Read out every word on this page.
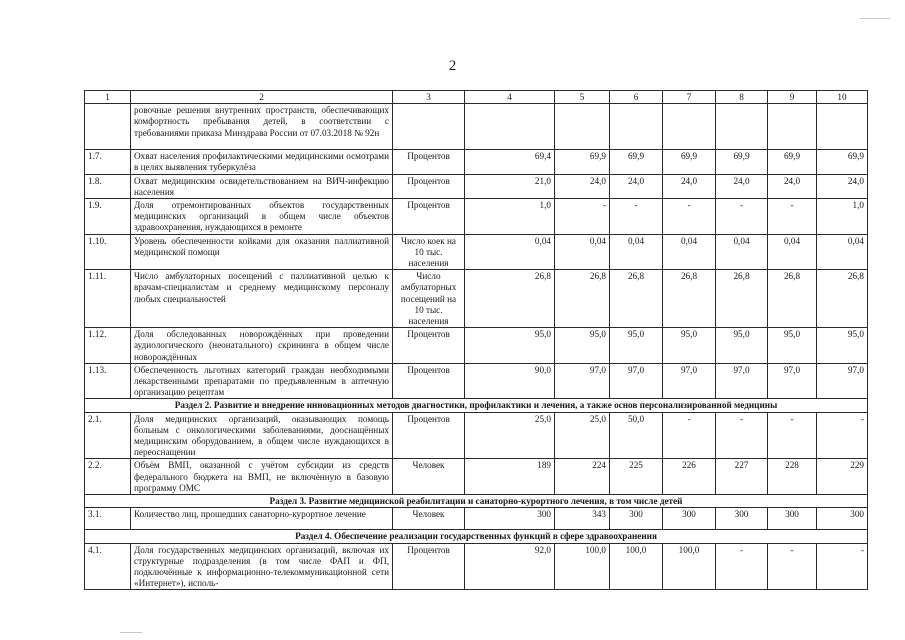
2
1	2	3	4	5	6	7	8	9	10
	ровочные решения внутренних пространств, обеспечивающих комфортность пребывания детей, в соответствии с требованиями приказа Минздрава России от 07.03.2018 № 92н								
1.7.	Охват населения профилактическими медицинскими осмотрами в целях выявления туберкулёза	Процентов	69,4	69,9	69,9	69,9	69,9	69,9	69,9
1.8.	Охват медицинским освидетельствованием на ВИЧ-инфекцию населения	Процентов	21,0	24,0	24,0	24,0	24,0	24,0	24,0
1.9.	Доля отремонтированных объектов государственных медицинских организаций в общем числе объектов здравоохранения, нуждающихся в ремонте	Процентов	1,0	-	-	-	-	-	1,0
1.10.	Уровень обеспеченности койками для оказания паллиативной медицинской помощи	Число коек на 10 тыс. населения	0,04	0,04	0,04	0,04	0,04	0,04	0,04
1.11.	Число амбулаторных посещений с паллиативной целью к врачам-специалистам и среднему медицинскому персоналу любых специальностей	Число амбулаторных посещений на 10 тыс. населения	26,8	26,8	26,8	26,8	26,8	26,8	26,8
1.12.	Доля обследованных новорождённых при проведении аудиологического (неонатального) скрининга в общем числе новорождённых	Процентов	95,0	95,0	95,0	95,0	95,0	95,0	95,0
1.13.	Обеспеченность льготных категорий граждан необходимыми лекарственными препаратами по предъявленным в аптечную организацию рецептам	Процентов	90,0	97,0	97,0	97,0	97,0	97,0	97,0
Раздел 2. Развитие и внедрение инновационных методов диагностики, профилактики и лечения, а также основ персонализированной медицины									
2.1.	Доля медицинских организаций, оказывающих помощь больным с онкологическими заболеваниями, дооснащённых медицинским оборудованием, в общем числе нуждающихся в переоснащении	Процентов	25,0	25,0	50,0	-	-	-	-
2.2.	Объём ВМП, оказанной с учётом субсидии из средств федерального бюджета на ВМП, не включённую в базовую программу ОМС	Человек	189	224	225	226	227	228	229
Раздел 3. Развитие медицинской реабилитации и санаторно-курортного лечения, в том числе детей									
3.1.	Количество лиц, прошедших санаторно-курортное лечение	Человек	300	343	300	300	300	300	300
Раздел 4. Обеспечение реализации государственных функций в сфере здравоохранения									
4.1.	Доля государственных медицинских организаций, включая их структурные подразделения (в том числе ФАП и ФП, подключённые к информационно-телекоммуникационной сети «Интернет»), исполь-	Процентов	92,0	100,0	100,0	100,0	-	-	-
